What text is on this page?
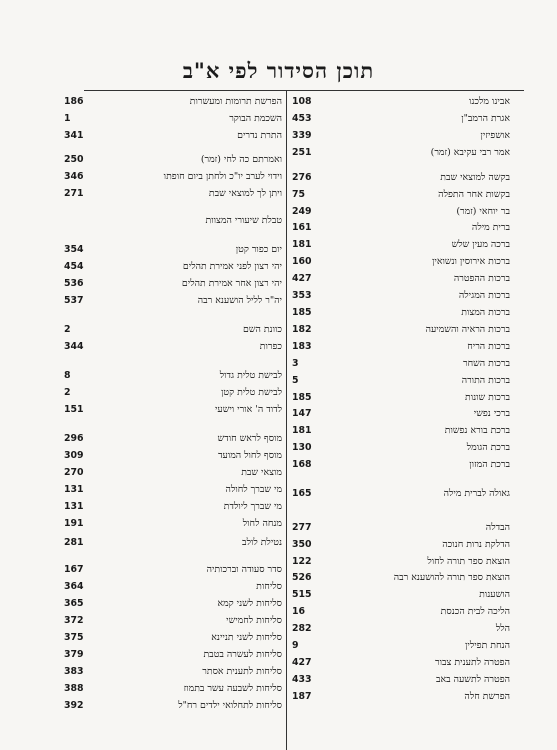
תוכן הסידור לפי א"ב
אבינו מלכנו
108
אגרת הרמב"ן
453
אושפיזין
339
אמר רבי עקיבא (זמר)
251
בקשה למוצאי שבת
276
בקשות אחר התפלה
75
בר יוחאי (זמר)
249
ברית מילה
161
ברכה מעין שלש
181
ברכות אירוסין ונשואין
160
ברכות ההפטרה
427
ברכות המגילה
353
ברכות המצות
185
ברכות הראיה והשמיעה
182
ברכות הריח
183
ברכות השחר
3
ברכות התורה
5
ברכות שונות
185
ברכי נפשי
147
ברכת בורא נפשות
181
ברכת הגומל
130
ברכת המזון
168
גאולה לברית מילה
165
הבדלה
277
הדלקת נרות חנוכה
350
הוצאת ספר תורה לחול
122
הוצאת ספר תורה להושענא רבה
526
הושענות
515
הליכה לבית הכנסת
16
הלל
282
הנחת תפילין
9
הפטרה לתענית צבור
427
הפטרה לתשעה באב
433
הפרשת חלה
187
הפרשת תרומות ומעשרות
186
השכמת הבוקר
1
התרת נדרים
341
ואמרתם כה לחי (זמר)
250
וידוי לערב יו"כ ולחתן ביום חופתו
346
ויתן לך למוצאי שבת
271
טבלת שיעורי המצוות
יום כפור קטן
354
יהי רצון לפני אמירת תהלים
454
יהי רצון אחר אמירת תהלים
536
יה"ר לליל הושענא רבה
537
כוונת השם
2
כפרות
344
לבישת טלית גדול
8
לבישת טלית קטן
2
לדוד ה' אורי וישעי
151
מוסף לראש חודש
296
מוסף לחול המועד
309
מוצאי שבת
270
מי שברך לחולה
131
מי שברך ליולדת
131
מנחה לחול
191
נטילת לולב
281
סדר סעודה וברכותיה
167
סליחות
364
סליחות לשני קמא
365
סליחות לחמישי
372
סליחות לשני תניינא
375
סליחות לעשרה בטבת
379
סליחות לתענית אסתר
383
סליחות לשבעה עשר בתמוז
388
סליחות לתחלואי ילדים רח"ל
392
